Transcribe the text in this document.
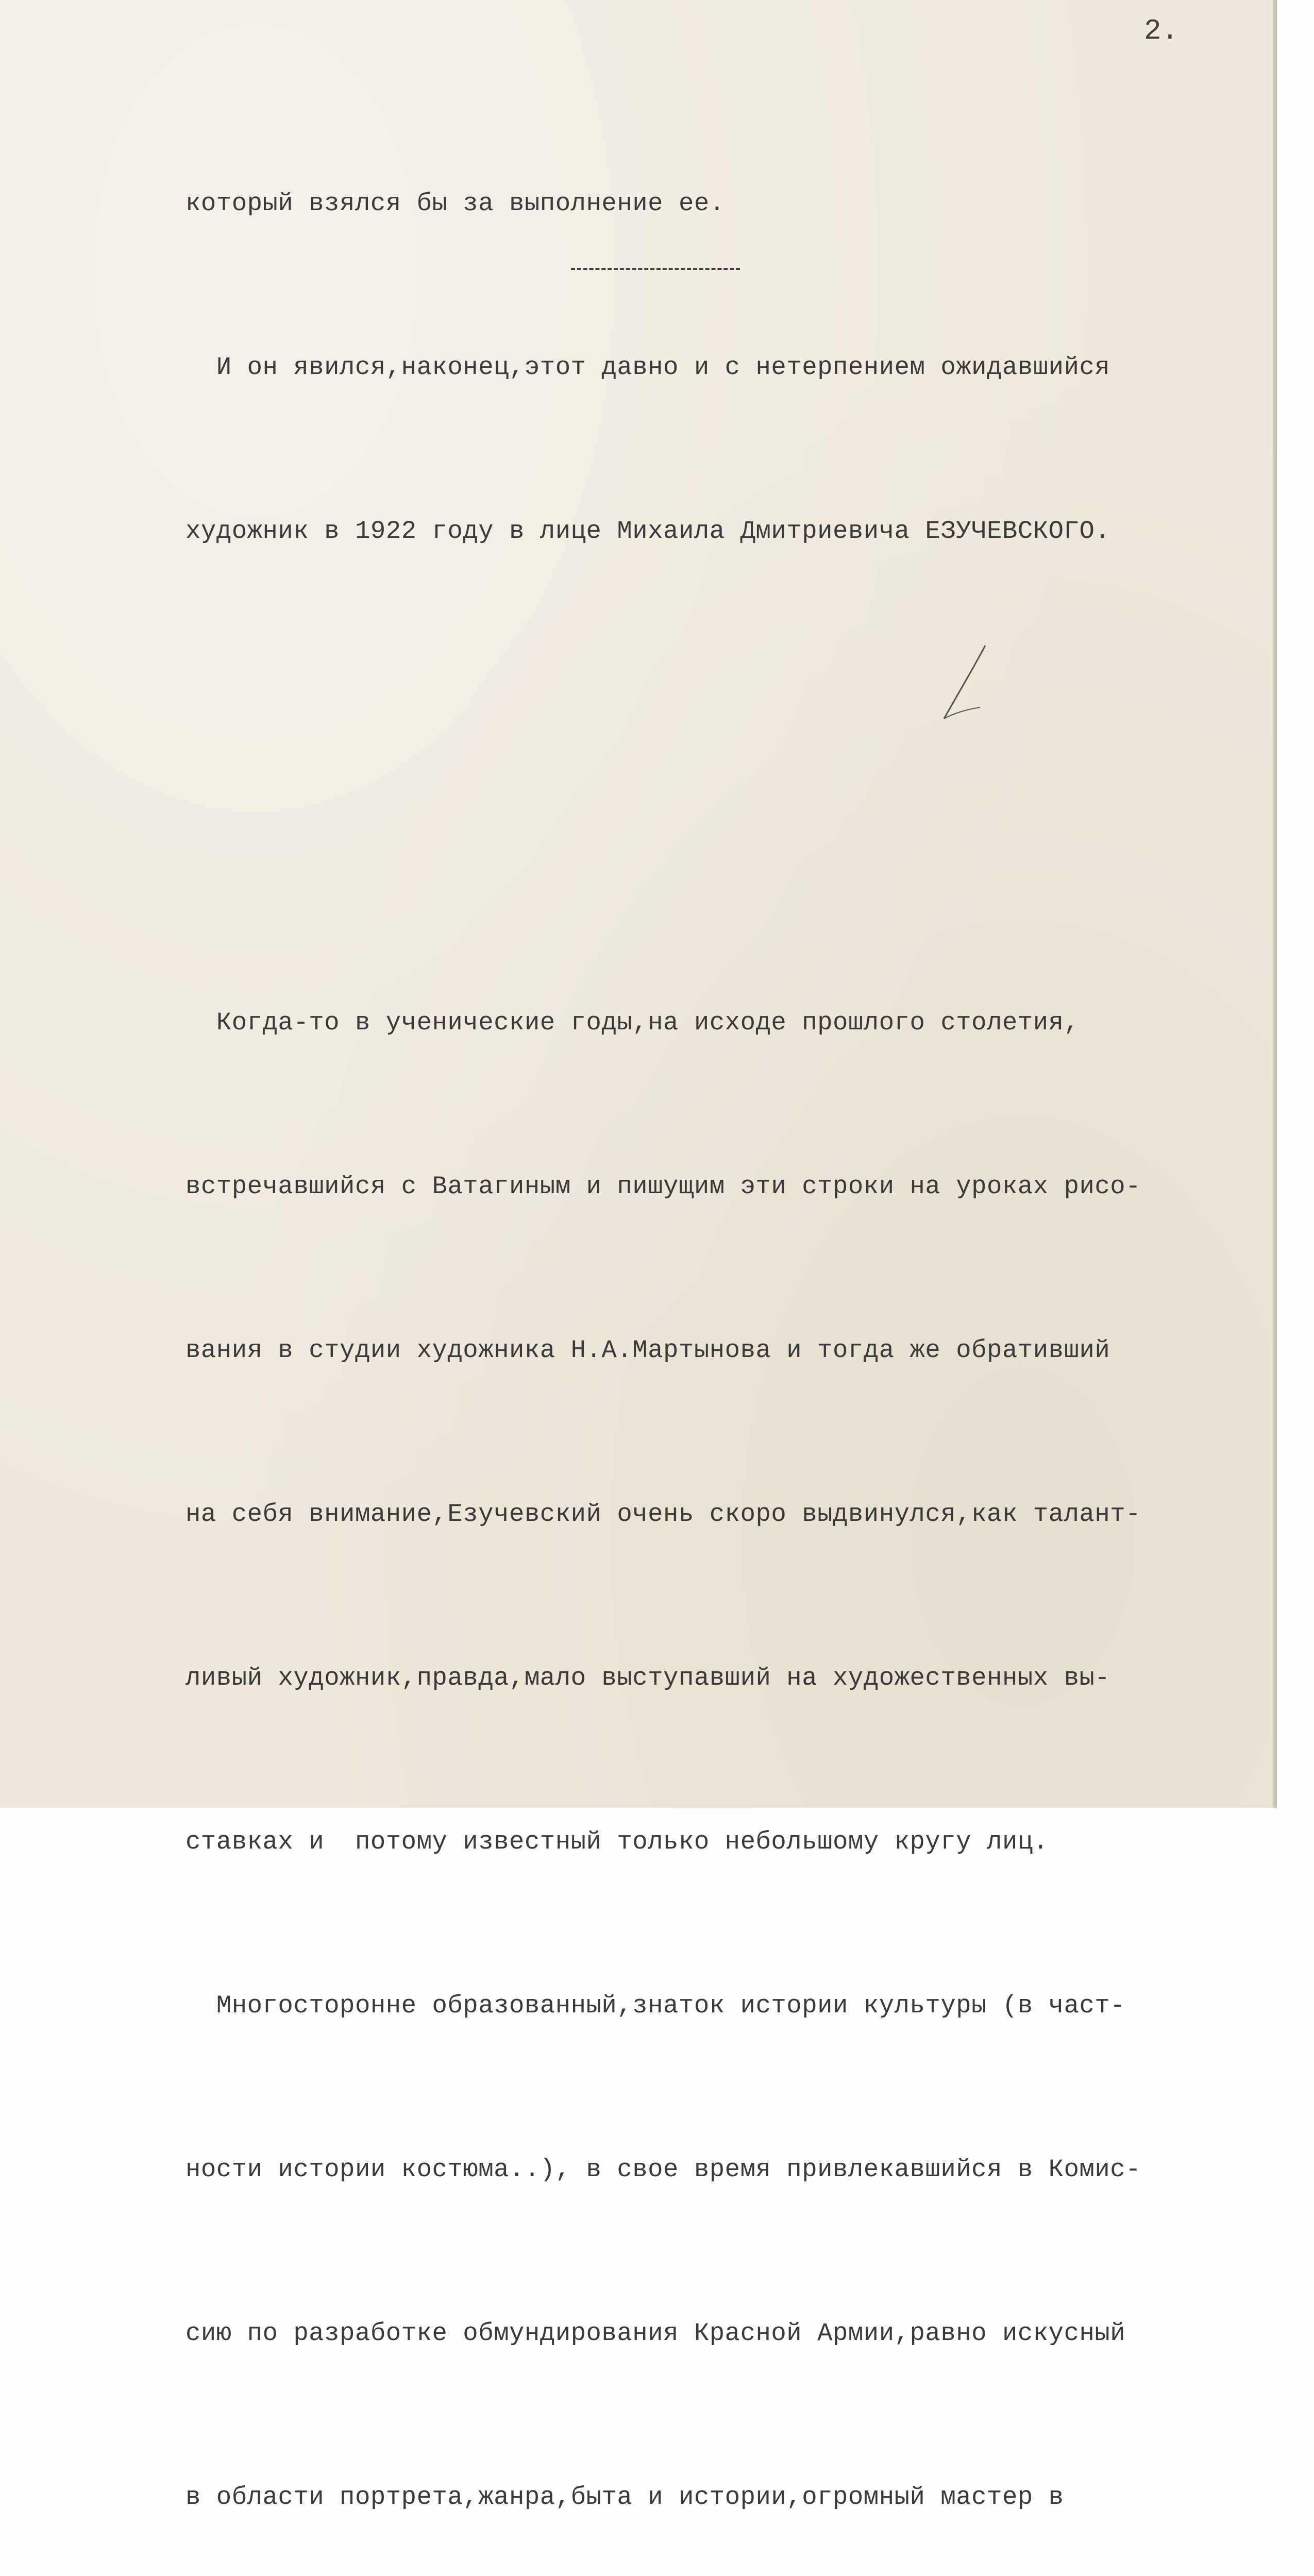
2.

который взялся бы за выполнение ее.

И он явился,наконец,этот давно и с нетерпением ожидавшийся

художник в 1922 году в лице Михаила Дмитриевича ЕЗУЧЕВСКОГО.

Когда-то в ученические годы,на исходе прошлого столетия,

встречавшийся с Ватагиным и пишущим эти строки на уроках рисо-

вания в студии художника Н.А.Мартынова и тогда же обративший

на себя внимание,Езучевский очень скоро выдвинулся,как талант-

ливый художник,правда,мало выступавший на художественных вы-

ставках и  потому известный только небольшому кругу лиц.

Многосторонне образованный,знаток истории культуры (в част-

ности истории костюма..), в свое время привлекавшийся в Комис-

сию по разработке обмундирования Красной Армии,равно искусный

в области портрета,жанра,быта и истории,огромный мастер в
